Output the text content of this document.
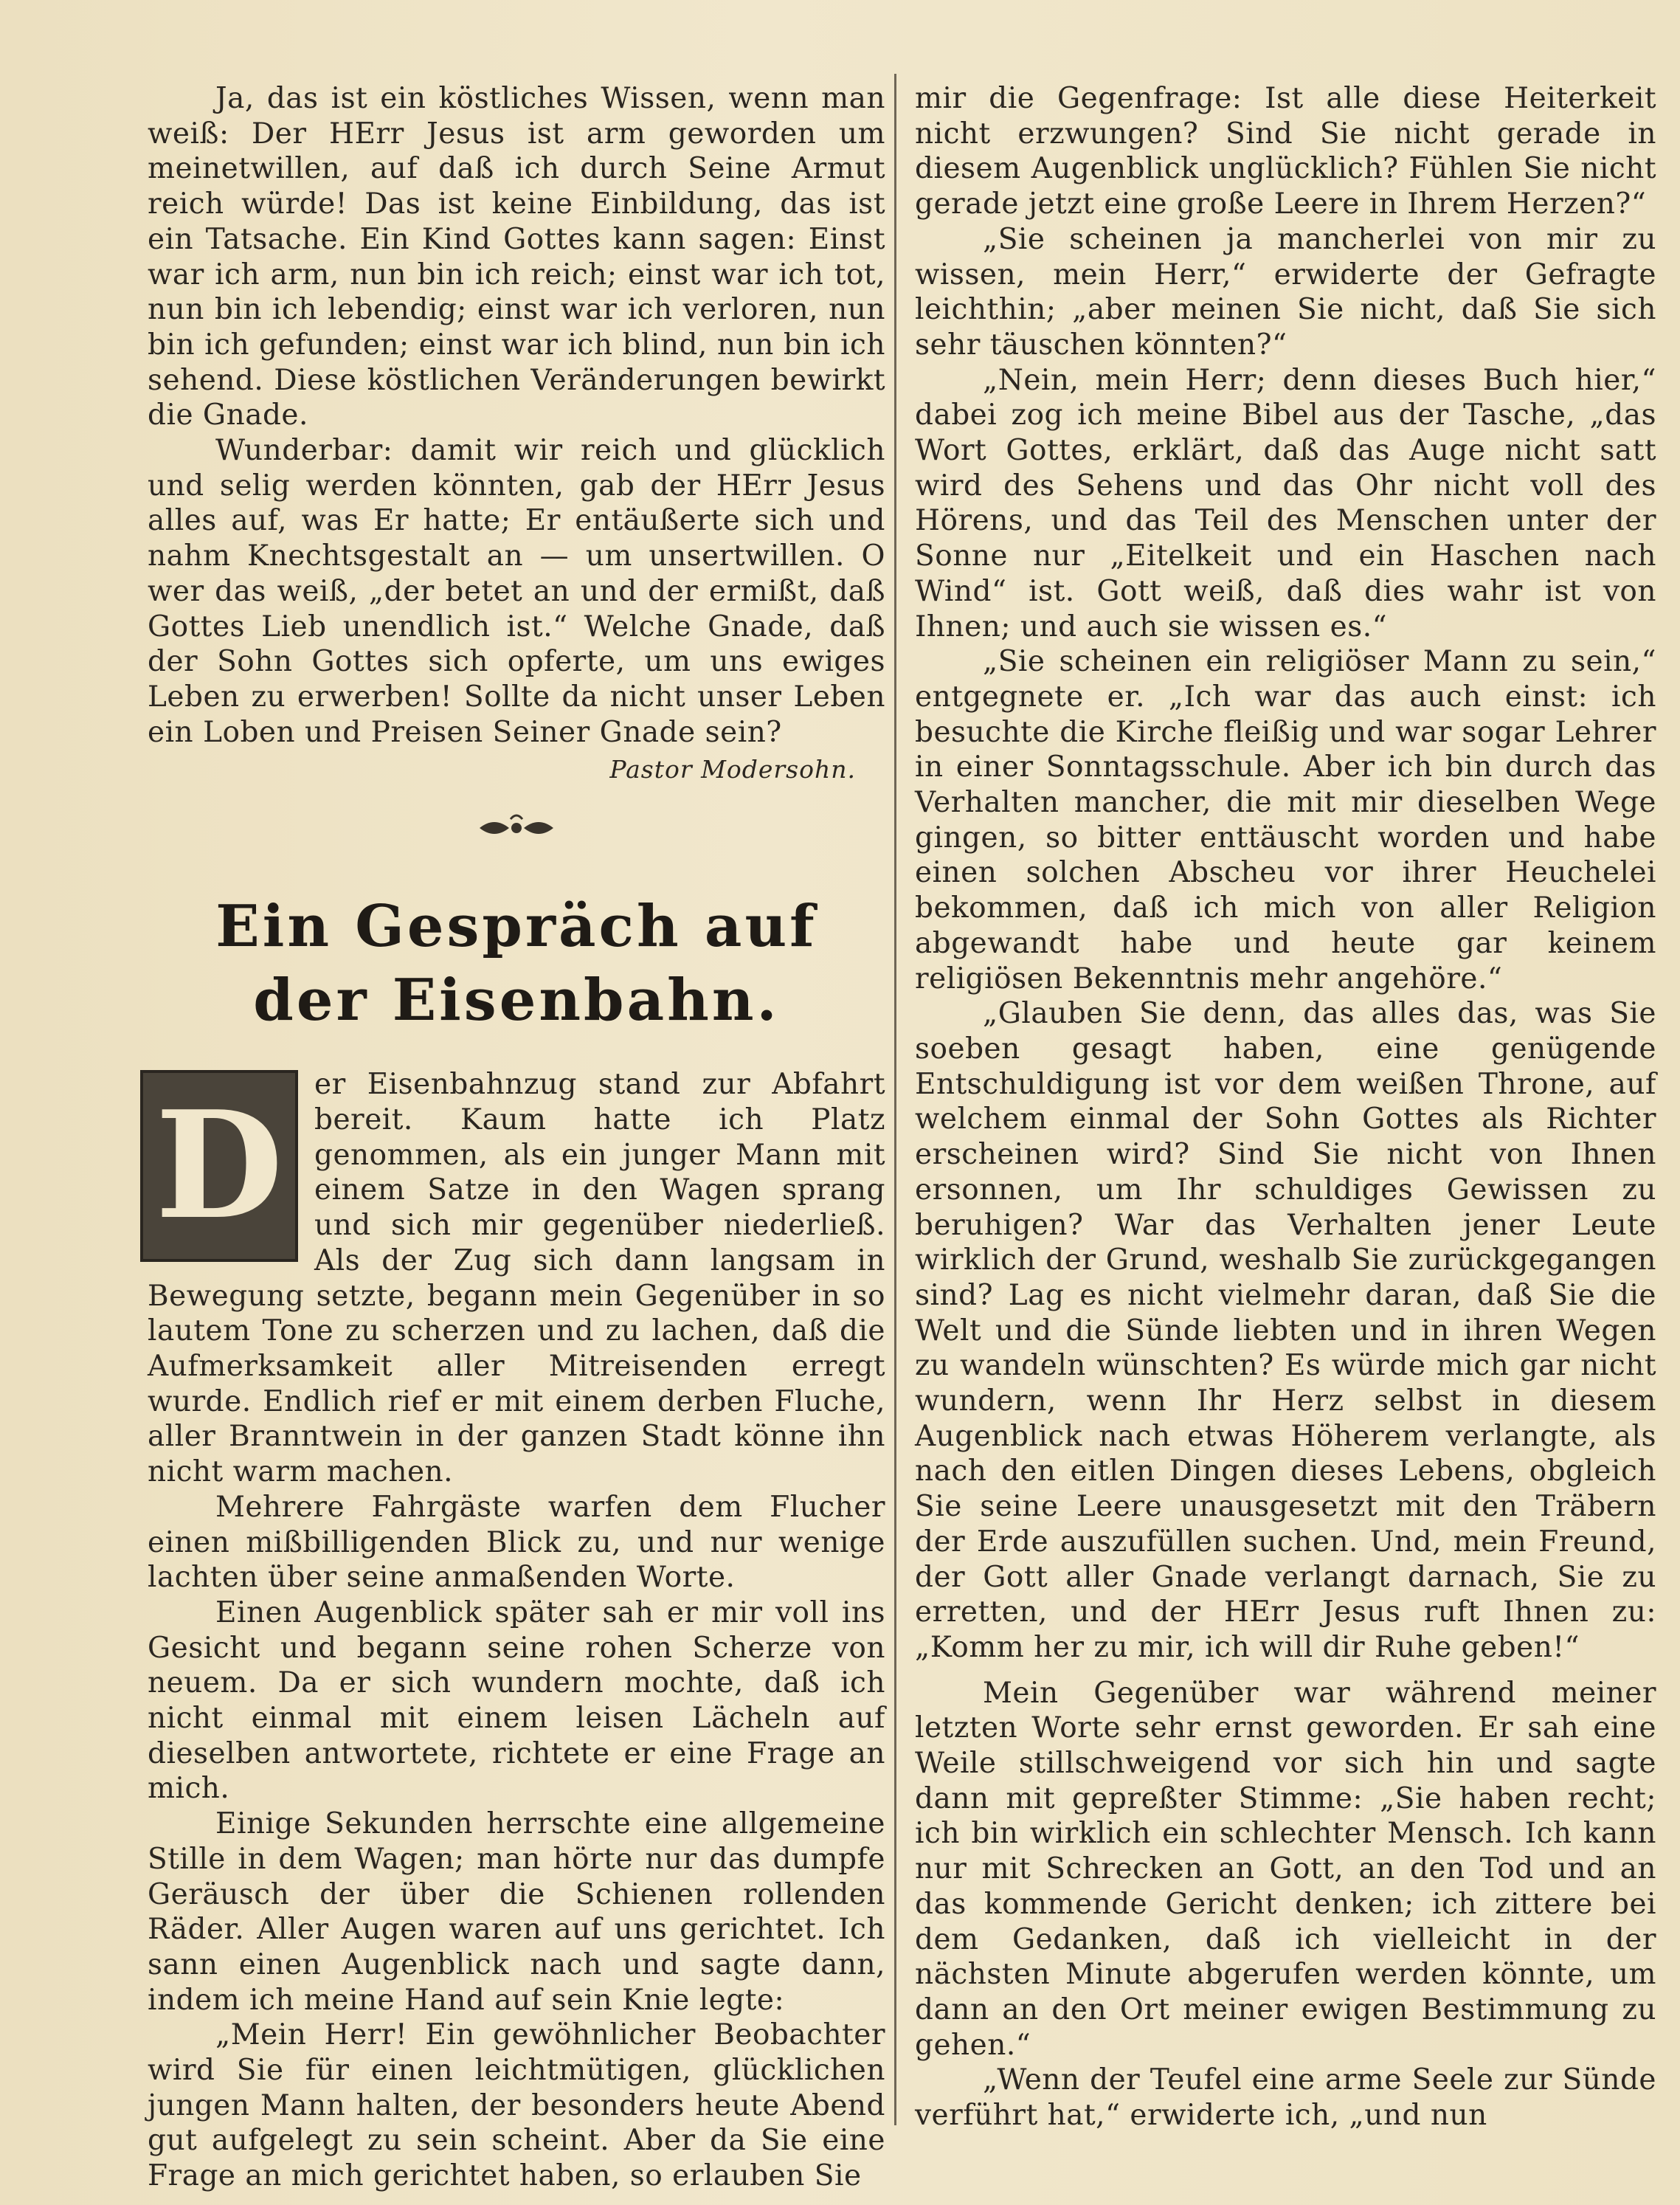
Ja, das ist ein köstliches Wissen, wenn man weiß: Der HErr Jesus ist arm geworden um meinetwillen, auf daß ich durch Seine Armut reich würde! Das ist keine Einbildung, das ist ein Tatsache. Ein Kind Gottes kann sagen: Einst war ich arm, nun bin ich reich; einst war ich tot, nun bin ich lebendig; einst war ich verloren, nun bin ich gefunden; einst war ich blind, nun bin ich sehend. Diese köstlichen Veränderungen bewirkt die Gnade.

Wunderbar: damit wir reich und glücklich und selig werden könnten, gab der HErr Jesus alles auf, was Er hatte; Er entäußerte sich und nahm Knechtsgestalt an — um unsertwillen. O wer das weiß, „der betet an und der ermißt, daß Gottes Lieb unendlich ist.“ Welche Gnade, daß der Sohn Gottes sich opferte, um uns ewiges Leben zu erwerben! Sollte da nicht unser Leben ein Loben und Preisen Seiner Gnade sein?

Pastor Modersohn.
Ein Gespräch auf der Eisenbahn.
D	er Eisenbahnzug stand zur Abfahrt bereit. Kaum hatte ich Platz genommen, als ein junger Mann mit einem Satze in den Wagen sprang und sich mir gegenüber niederließ. Als der Zug sich dann langsam in Bewegung setzte, begann mein Gegenüber in so lautem Tone zu scherzen und zu lachen, daß die Aufmerksamkeit aller Mitreisenden erregt wurde. Endlich rief er mit einem derben Fluche, aller Branntwein in der ganzen Stadt könne ihn nicht warm machen.

Mehrere Fahrgäste warfen dem Flucher einen mißbilligenden Blick zu, und nur wenige lachten über seine anmaßenden Worte.

Einen Augenblick später sah er mir voll ins Gesicht und begann seine rohen Scherze von neuem. Da er sich wundern mochte, daß ich nicht einmal mit einem leisen Lächeln auf dieselben antwortete, richtete er eine Frage an mich.

Einige Sekunden herrschte eine allgemeine Stille in dem Wagen; man hörte nur das dumpfe Geräusch der über die Schienen rollenden Räder. Aller Augen waren auf uns gerichtet. Ich sann einen Augenblick nach und sagte dann, indem ich meine Hand auf sein Knie legte:

„Mein Herr! Ein gewöhnlicher Beobachter wird Sie für einen leichtmütigen, glücklichen jungen Mann halten, der besonders heute Abend gut aufgelegt zu sein scheint. Aber da Sie eine Frage an mich gerichtet haben, so erlauben Sie

mir die Gegenfrage: Ist alle diese Heiterkeit nicht erzwungen? Sind Sie nicht gerade in diesem Augenblick unglücklich? Fühlen Sie nicht gerade jetzt eine große Leere in Ihrem Herzen?“

„Sie scheinen ja mancherlei von mir zu wissen, mein Herr,“ erwiderte der Gefragte leichthin; „aber meinen Sie nicht, daß Sie sich sehr täuschen könnten?“

„Nein, mein Herr; denn dieses Buch hier,“ dabei zog ich meine Bibel aus der Tasche, „das Wort Gottes, erklärt, daß das Auge nicht satt wird des Sehens und das Ohr nicht voll des Hörens, und das Teil des Menschen unter der Sonne nur „Eitelkeit und ein Haschen nach Wind“ ist. Gott weiß, daß dies wahr ist von Ihnen; und auch sie wissen es.“

„Sie scheinen ein religiöser Mann zu sein,“ entgegnete er. „Ich war das auch einst: ich besuchte die Kirche fleißig und war sogar Lehrer in einer Sonntagsschule. Aber ich bin durch das Verhalten mancher, die mit mir dieselben Wege gingen, so bitter enttäuscht worden und habe einen solchen Abscheu vor ihrer Heuchelei bekommen, daß ich mich von aller Religion abgewandt habe und heute gar keinem religiösen Bekenntnis mehr angehöre.“

„Glauben Sie denn, das alles das, was Sie soeben gesagt haben, eine genügende Entschuldigung ist vor dem weißen Throne, auf welchem einmal der Sohn Gottes als Richter erscheinen wird? Sind Sie nicht von Ihnen ersonnen, um Ihr schuldiges Gewissen zu beruhigen? War das Verhalten jener Leute wirklich der Grund, weshalb Sie zurückgegangen sind? Lag es nicht vielmehr daran, daß Sie die Welt und die Sünde liebten und in ihren Wegen zu wandeln wünschten? Es würde mich gar nicht wundern, wenn Ihr Herz selbst in diesem Augenblick nach etwas Höherem verlangte, als nach den eitlen Dingen dieses Lebens, obgleich Sie seine Leere unausgesetzt mit den Träbern der Erde auszufüllen suchen. Und, mein Freund, der Gott aller Gnade verlangt darnach, Sie zu erretten, und der HErr Jesus ruft Ihnen zu: „Komm her zu mir, ich will dir Ruhe geben!“

Mein Gegenüber war während meiner letzten Worte sehr ernst geworden. Er sah eine Weile stillschweigend vor sich hin und sagte dann mit gepreßter Stimme: „Sie haben recht; ich bin wirklich ein schlechter Mensch. Ich kann nur mit Schrecken an Gott, an den Tod und an das kommende Gericht denken; ich zittere bei dem Gedanken, daß ich vielleicht in der nächsten Minute abgerufen werden könnte, um dann an den Ort meiner ewigen Bestimmung zu gehen.“

„Wenn der Teufel eine arme Seele zur Sünde verführt hat,“ erwiderte ich, „und nun
